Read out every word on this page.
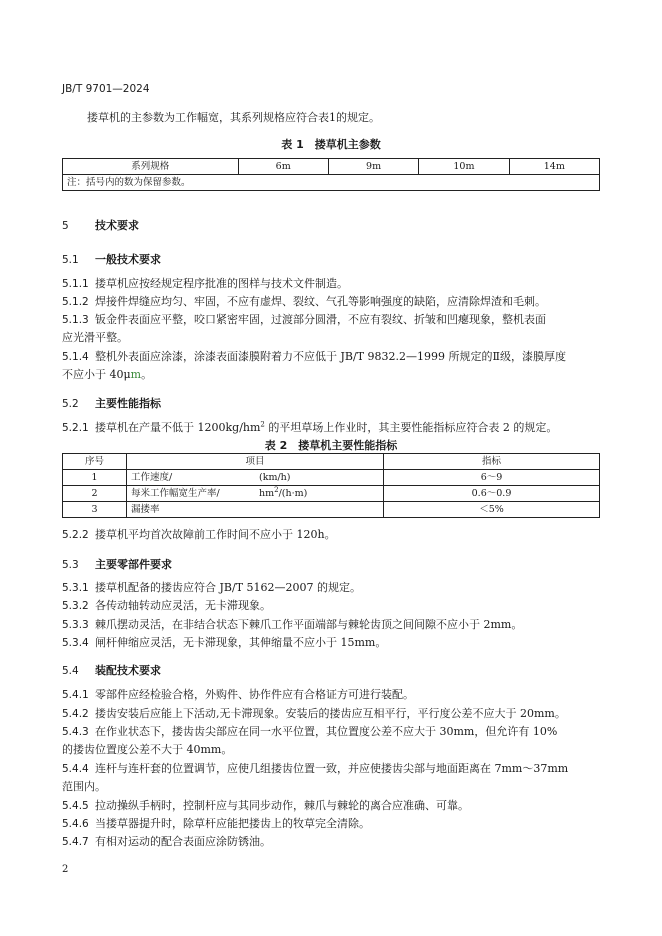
JB/T 9701—2024
搂草机的主参数为工作幅宽，其系列规格应符合表1的规定。
表 1　搂草机主参数
系列规格	6m	9m	10m	14m
注：括号内的数为保留参数。
5 技术要求
5.1 一般技术要求
5.1.1 搂草机应按经规定程序批准的图样与技术文件制造。
5.1.2 焊接件焊缝应均匀、牢固，不应有虚焊、裂纹、气孔等影响强度的缺陷，应清除焊渣和毛刺。
5.1.3 钣金件表面应平整，咬口紧密牢固，过渡部分圆滑，不应有裂纹、折皱和凹瘪现象，整机表面
应光滑平整。
5.1.4 整机外表面应涂漆，涂漆表面漆膜附着力不应低于 JB/T 9832.2—1999 所规定的Ⅱ级，漆膜厚度
不应小于 40μm。
5.2 主要性能指标
5.2.1 搂草机在产量不低于 $1200kg/hm^2$ 的平坦草场上作业时，其主要性能指标应符合表 2 的规定。
表 2　搂草机主要性能指标
序号	项目	指标
1	工作速度/ (km/h)	6～9
2	每米工作幅宽生产率/ $hm^2/(h\cdot m)$	0.6～0.9
3	漏搂率	＜5%
5.2.2 搂草机平均首次故障前工作时间不应小于 120h。
5.3 主要零部件要求
5.3.1 搂草机配备的搂齿应符合 JB/T 5162—2007 的规定。
5.3.2 各传动轴转动应灵活，无卡滞现象。
5.3.3 棘爪摆动灵活，在非结合状态下棘爪工作平面端部与棘轮齿顶之间间隙不应小于 2mm。
5.3.4 闸杆伸缩应灵活，无卡滞现象，其伸缩量不应小于 15mm。
5.4 装配技术要求
5.4.1 零部件应经检验合格，外购件、协作件应有合格证方可进行装配。
5.4.2 搂齿安装后应能上下活动,无卡滞现象。安装后的搂齿应互相平行，平行度公差不应大于 20mm。
5.4.3 在作业状态下，搂齿齿尖部应在同一水平位置，其位置度公差不应大于 30mm，但允许有 10%
的搂齿位置度公差不大于 40mm。
5.4.4 连杆与连杆套的位置调节，应使几组搂齿位置一致，并应使搂齿尖部与地面距离在 7mm～37mm
范围内。
5.4.5 拉动操纵手柄时，控制杆应与其同步动作，棘爪与棘轮的离合应准确、可靠。
5.4.6 当搂草器提升时，除草杆应能把搂齿上的牧草完全清除。
5.4.7 有相对运动的配合表面应涂防锈油。
2
